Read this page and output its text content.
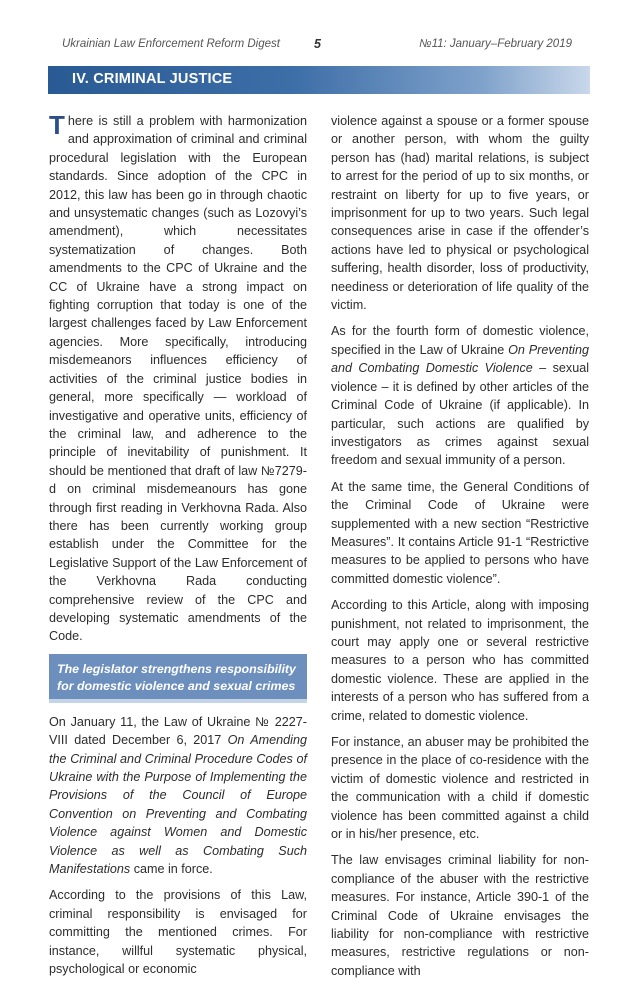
Ukrainian Law Enforcement Reform Digest	5	№11: January–February 2019
IV. CRIMINAL JUSTICE

There is still a problem with harmonization and approximation of criminal and criminal procedural legislation with the European standards. Since adoption of the CPC in 2012, this law has been go in through chaotic and unsystematic changes (such as Lozovyi’s amendment), which necessitates systematization of changes. Both amendments to the CPC of Ukraine and the CC of Ukraine have a strong impact on fighting corruption that today is one of the largest challenges faced by Law Enforcement agencies. More specifically, introducing misdemeanors influences efficiency of activities of the criminal justice bodies in general, more specifically — workload of investigative and operative units, efficiency of the criminal law, and adherence to the principle of inevitability of punishment. It should be mentioned that draft of law №7279-d on criminal misdemeanours has gone through first reading in Verkhovna Rada. Also there has been currently working group establish under the Committee for the Legislative Support of the Law Enforcement of the Verkhovna Rada conducting comprehensive review of the CPC and developing systematic amendments of the Code.

The legislator strengthens responsibility for domestic violence and sexual crimes

On January 11, the Law of Ukraine № 2227-VIII dated December 6, 2017 On Amending the Criminal and Criminal Procedure Codes of Ukraine with the Purpose of Implementing the Provisions of the Council of Europe Convention on Preventing and Combating Violence against Women and Domestic Violence as well as Combating Such Manifestations came in force.

According to the provisions of this Law, criminal responsibility is envisaged for committing the mentioned crimes. For instance, willful systematic physical, psychological or economic

violence against a spouse or a former spouse or another person, with whom the guilty person has (had) marital relations, is subject to arrest for the period of up to six months, or restraint on liberty for up to five years, or imprisonment for up to two years. Such legal consequences arise in case if the offender’s actions have led to physical or psychological suffering, health disorder, loss of productivity, neediness or deterioration of life quality of the victim.

As for the fourth form of domestic violence, specified in the Law of Ukraine On Preventing and Combating Domestic Violence – sexual violence – it is defined by other articles of the Criminal Code of Ukraine (if applicable). In particular, such actions are qualified by investigators as crimes against sexual freedom and sexual immunity of a person.

At the same time, the General Conditions of the Criminal Code of Ukraine were supplemented with a new section “Restrictive Measures”. It contains Article 91-1 “Restrictive measures to be applied to persons who have committed domestic violence”.

According to this Article, along with imposing punishment, not related to imprisonment, the court may apply one or several restrictive measures to a person who has committed domestic violence. These are applied in the interests of a person who has suffered from a crime, related to domestic violence.

For instance, an abuser may be prohibited the presence in the place of co-residence with the victim of domestic violence and restricted in the communication with a child if domestic violence has been committed against a child or in his/her presence, etc.

The law envisages criminal liability for non-compliance of the abuser with the restrictive measures. For instance, Article 390-1 of the Criminal Code of Ukraine envisages the liability for non-compliance with restrictive measures, restrictive regulations or non-compliance with
